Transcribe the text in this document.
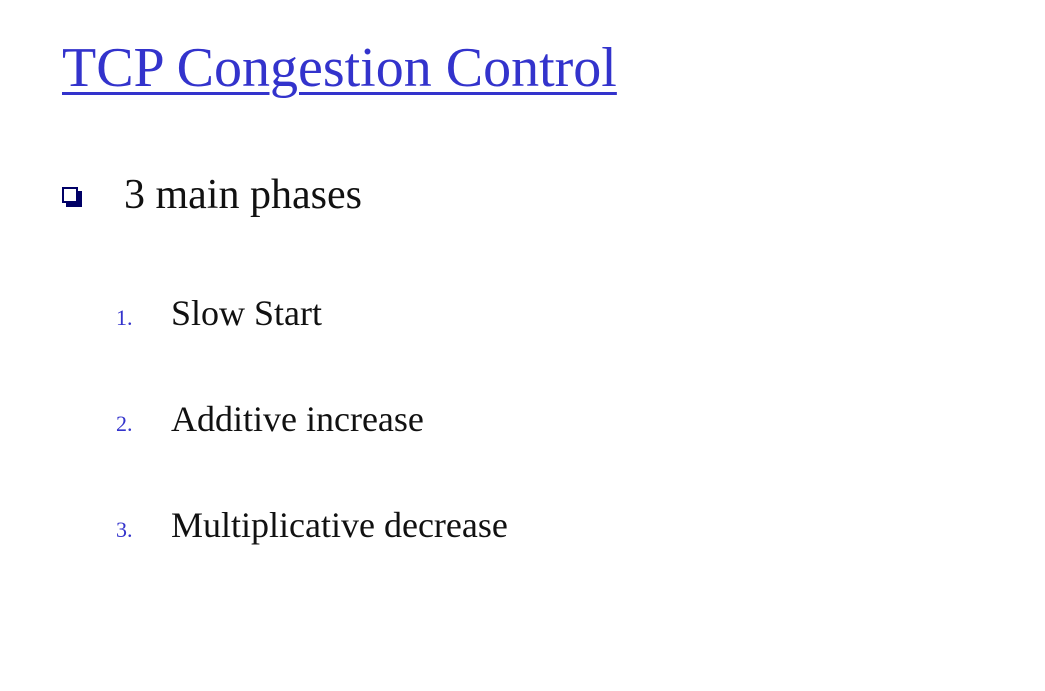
TCP Congestion Control
3 main phases
1.	Slow Start
2.	Additive increase
3.	Multiplicative decrease
